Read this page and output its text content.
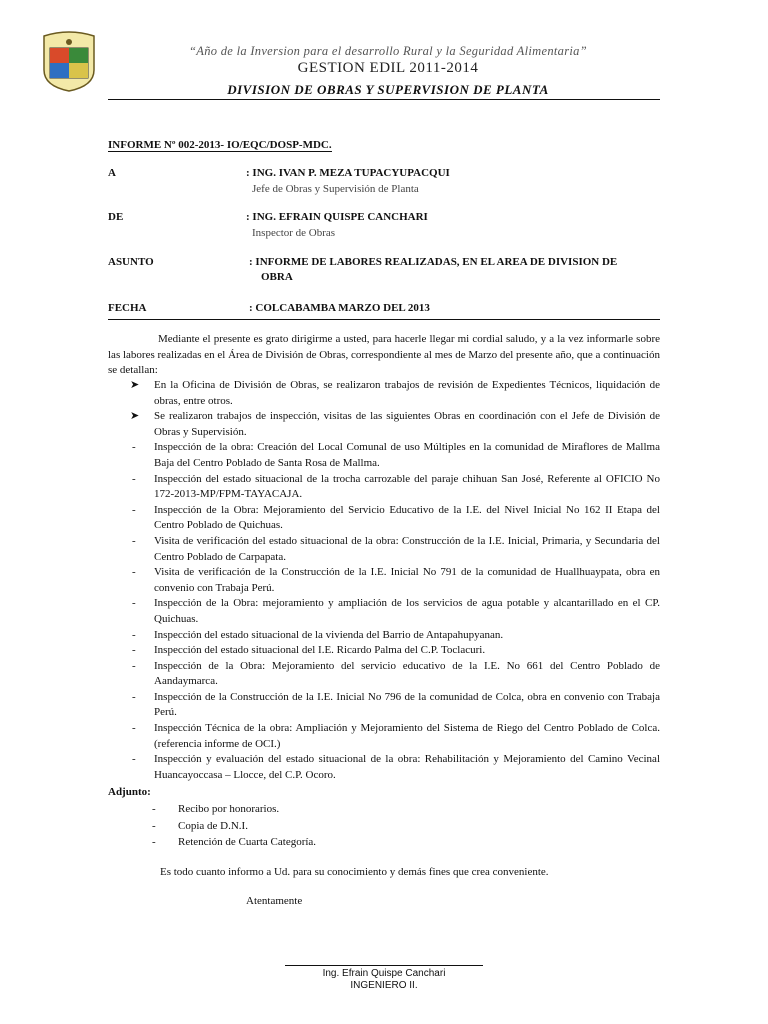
“Año de la Inversion para el desarrollo Rural y la Seguridad Alimentaria”
GESTION EDIL 2011-2014
DIVISION DE OBRAS Y SUPERVISION DE PLANTA
INFORME Nº 002-2013- IO/EQC/DOSP-MDC.
A	: ING. IVAN P. MEZA TUPACYUPACQUI
Jefe de Obras y Supervisión de Planta
DE	: ING. EFRAIN QUISPE CANCHARI
Inspector de Obras
ASUNTO	: INFORME DE LABORES REALIZADAS, EN EL AREA DE DIVISION DE
OBRA
FECHA	: COLCABAMBA MARZO DEL 2013
Mediante el presente es grato dirigirme a usted, para hacerle llegar mi cordial saludo, y a la vez informarle sobre las labores realizadas en el Área de División de Obras, correspondiente al mes de Marzo del presente año, que a continuación se detallan:
➤ En la Oficina de División de Obras, se realizaron trabajos de revisión de Expedientes Técnicos, liquidación de obras, entre otros.
➤ Se realizaron trabajos de inspección, visitas de las siguientes Obras en coordinación con el Jefe de División de Obras y Supervisión.
- Inspección de la obra: Creación del Local Comunal de uso Múltiples en la comunidad de Miraflores de Mallma Baja del Centro Poblado de Santa Rosa de Mallma.
- Inspección del estado situacional de la trocha carrozable del paraje chihuan San José, Referente al OFICIO No 172-2013-MP/FPM-TAYACAJA.
- Inspección de la Obra: Mejoramiento del Servicio Educativo de la I.E. del Nivel Inicial No 162 II Etapa del Centro Poblado de Quichuas.
- Visita de verificación del estado situacional de la obra: Construcción de la I.E. Inicial, Primaria, y Secundaria del Centro Poblado de Carpapata.
- Visita de verificación de la Construcción de la I.E. Inicial No 791 de la comunidad de Huallhuaypata, obra en convenio con Trabaja Perú.
- Inspección de la Obra: mejoramiento y ampliación de los servicios de agua potable y alcantarillado en el CP. Quichuas.
- Inspección del estado situacional de la vivienda del Barrio de Antapahupyanan.
- Inspección del estado situacional del I.E. Ricardo Palma del C.P. Toclacuri.
- Inspección de la Obra: Mejoramiento del servicio educativo de la I.E. No 661 del Centro Poblado de Aandaymarca.
- Inspección de la Construcción de la I.E. Inicial No 796 de la comunidad de Colca, obra en convenio con Trabaja Perú.
- Inspección Técnica de la obra: Ampliación y Mejoramiento del Sistema de Riego del Centro Poblado de Colca. (referencia informe de OCI.)
- Inspección y evaluación del estado situacional de la obra: Rehabilitación y Mejoramiento del Camino Vecinal Huancayoccasa – Llocce, del C.P. Ocoro.
Adjunto:
- Recibo por honorarios.
- Copia de D.N.I.
- Retención de Cuarta Categoría.
Es todo cuanto informo a Ud. para su conocimiento y demás fines que crea conveniente.
Atentamente
Ing. Efrain Quispe Canchari
INGENIERO II.
